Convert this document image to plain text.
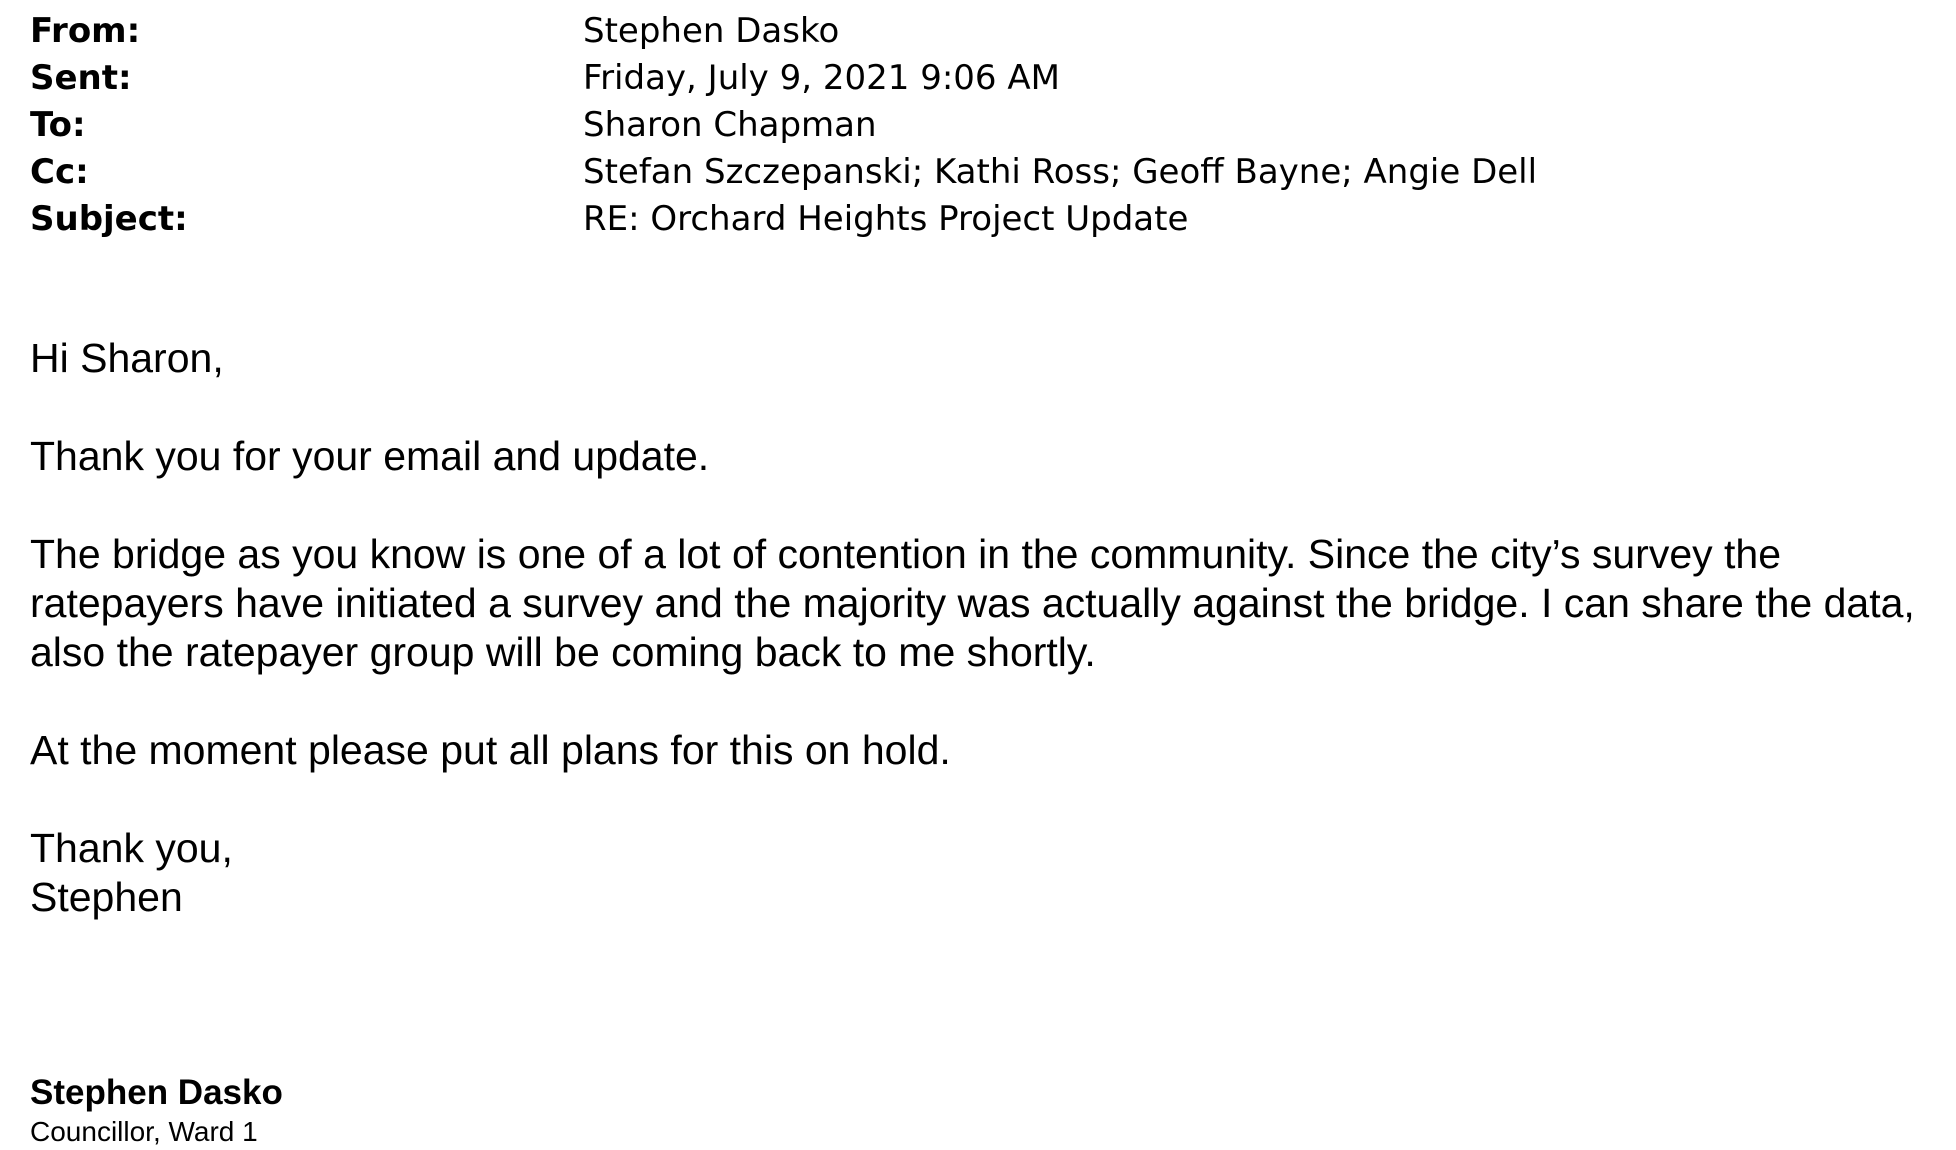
From:	Stephen Dasko
Sent:	Friday, July 9, 2021 9:06 AM
To:	Sharon Chapman
Cc:	Stefan Szczepanski; Kathi Ross; Geoff Bayne; Angie Dell
Subject:	RE: Orchard Heights Project Update

Hi Sharon,

Thank you for your email and update.

The bridge as you know is one of a lot of contention in the community. Since the city’s survey the ratepayers have initiated a survey and the majority was actually against the bridge. I can share the data, also the ratepayer group will be coming back to me shortly.

At the moment please put all plans for this on hold.

Thank you,

Stephen

Stephen Dasko
Councillor, Ward 1
